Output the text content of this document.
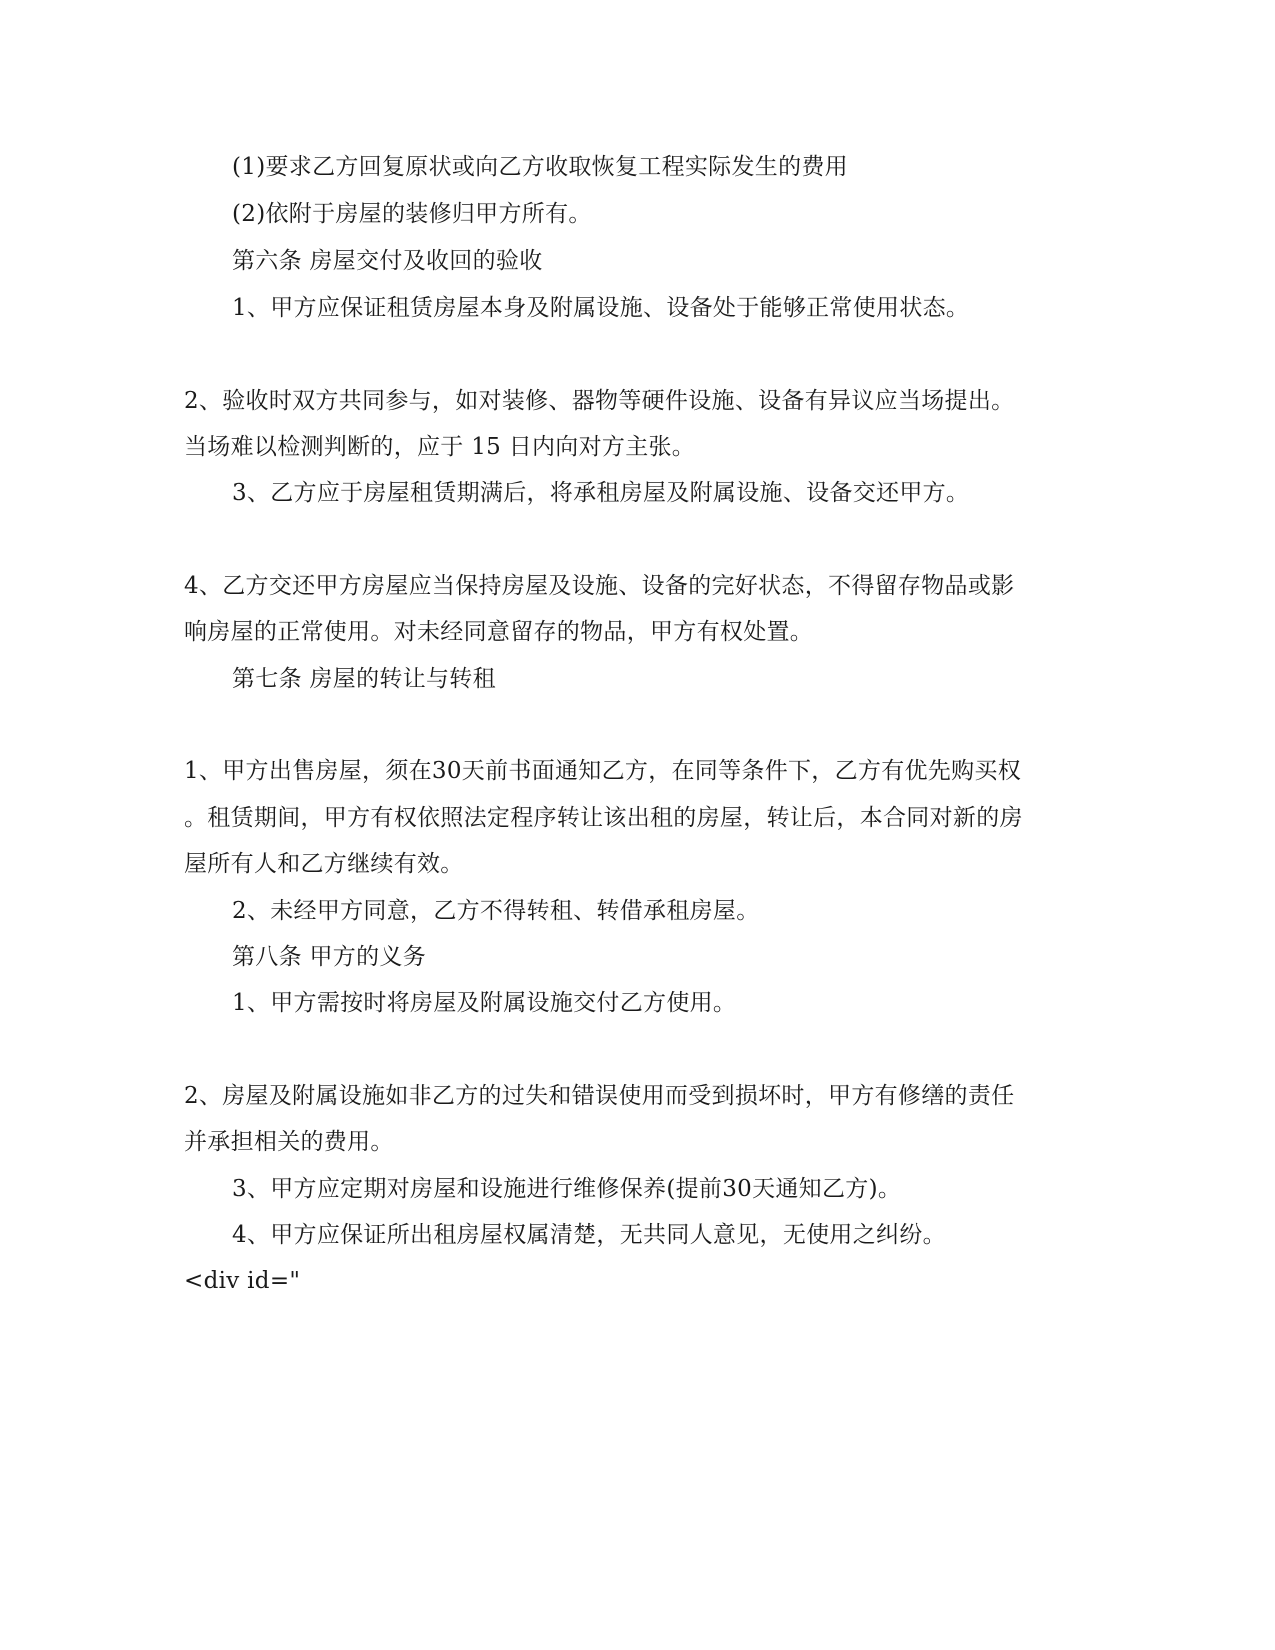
(1)要求乙方回复原状或向乙方收取恢复工程实际发生的费用
(2)依附于房屋的装修归甲方所有。
第六条 房屋交付及收回的验收
1、甲方应保证租赁房屋本身及附属设施、设备处于能够正常使用状态。
2、验收时双方共同参与，如对装修、器物等硬件设施、设备有异议应当场提出。
当场难以检测判断的，应于 15 日内向对方主张。
3、乙方应于房屋租赁期满后，将承租房屋及附属设施、设备交还甲方。
4、乙方交还甲方房屋应当保持房屋及设施、设备的完好状态，不得留存物品或影
响房屋的正常使用。对未经同意留存的物品，甲方有权处置。
第七条 房屋的转让与转租
1、甲方出售房屋，须在30天前书面通知乙方，在同等条件下，乙方有优先购买权
。租赁期间，甲方有权依照法定程序转让该出租的房屋，转让后，本合同对新的房
屋所有人和乙方继续有效。
2、未经甲方同意，乙方不得转租、转借承租房屋。
第八条 甲方的义务
1、甲方需按时将房屋及附属设施交付乙方使用。
2、房屋及附属设施如非乙方的过失和错误使用而受到损坏时，甲方有修缮的责任
并承担相关的费用。
3、甲方应定期对房屋和设施进行维修保养(提前30天通知乙方)。
4、甲方应保证所出租房屋权属清楚，无共同人意见，无使用之纠纷。
<div id="
